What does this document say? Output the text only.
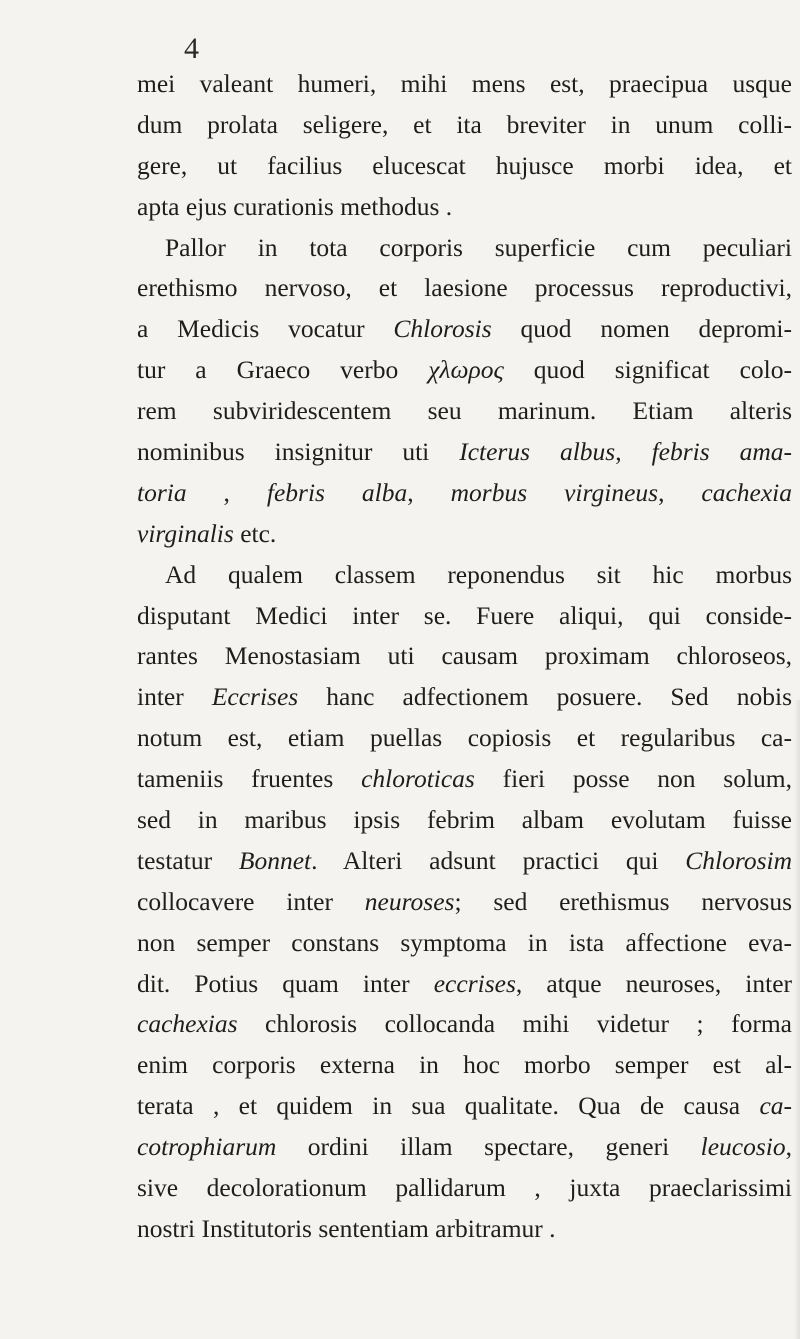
4
mei valeant humeri, mihi mens est, praecipua usque
dum prolata seligere, et ita breviter in unum colli-
gere, ut facilius elucescat hujusce morbi idea, et
apta ejus curationis methodus .
Pallor in tota corporis superficie cum peculiari
erethismo nervoso, et laesione processus reproductivi,
a Medicis vocatur Chlorosis quod nomen depromi-
tur a Graeco verbo χλωρος quod significat colo-
rem subviridescentem seu marinum. Etiam alteris
nominibus insignitur uti Icterus albus, febris ama-
toria , febris alba, morbus virgineus, cachexia
virginalis etc.
Ad qualem classem reponendus sit hic morbus
disputant Medici inter se. Fuere aliqui, qui conside-
rantes Menostasiam uti causam proximam chloroseos,
inter Eccrises hanc adfectionem posuere. Sed nobis
notum est, etiam puellas copiosis et regularibus ca-
tameniis fruentes chloroticas fieri posse non solum,
sed in maribus ipsis febrim albam evolutam fuisse
testatur Bonnet. Alteri adsunt practici qui Chlorosim
collocavere inter neuroses; sed erethismus nervosus
non semper constans symptoma in ista affectione eva-
dit. Potius quam inter eccrises, atque neuroses, inter
cachexias chlorosis collocanda mihi videtur ; forma
enim corporis externa in hoc morbo semper est al-
terata , et quidem in sua qualitate. Qua de causa ca-
cotrophiarum ordini illam spectare, generi leucosio,
sive decolorationum pallidarum , juxta praeclarissimi
nostri Institutoris sententiam arbitramur .
